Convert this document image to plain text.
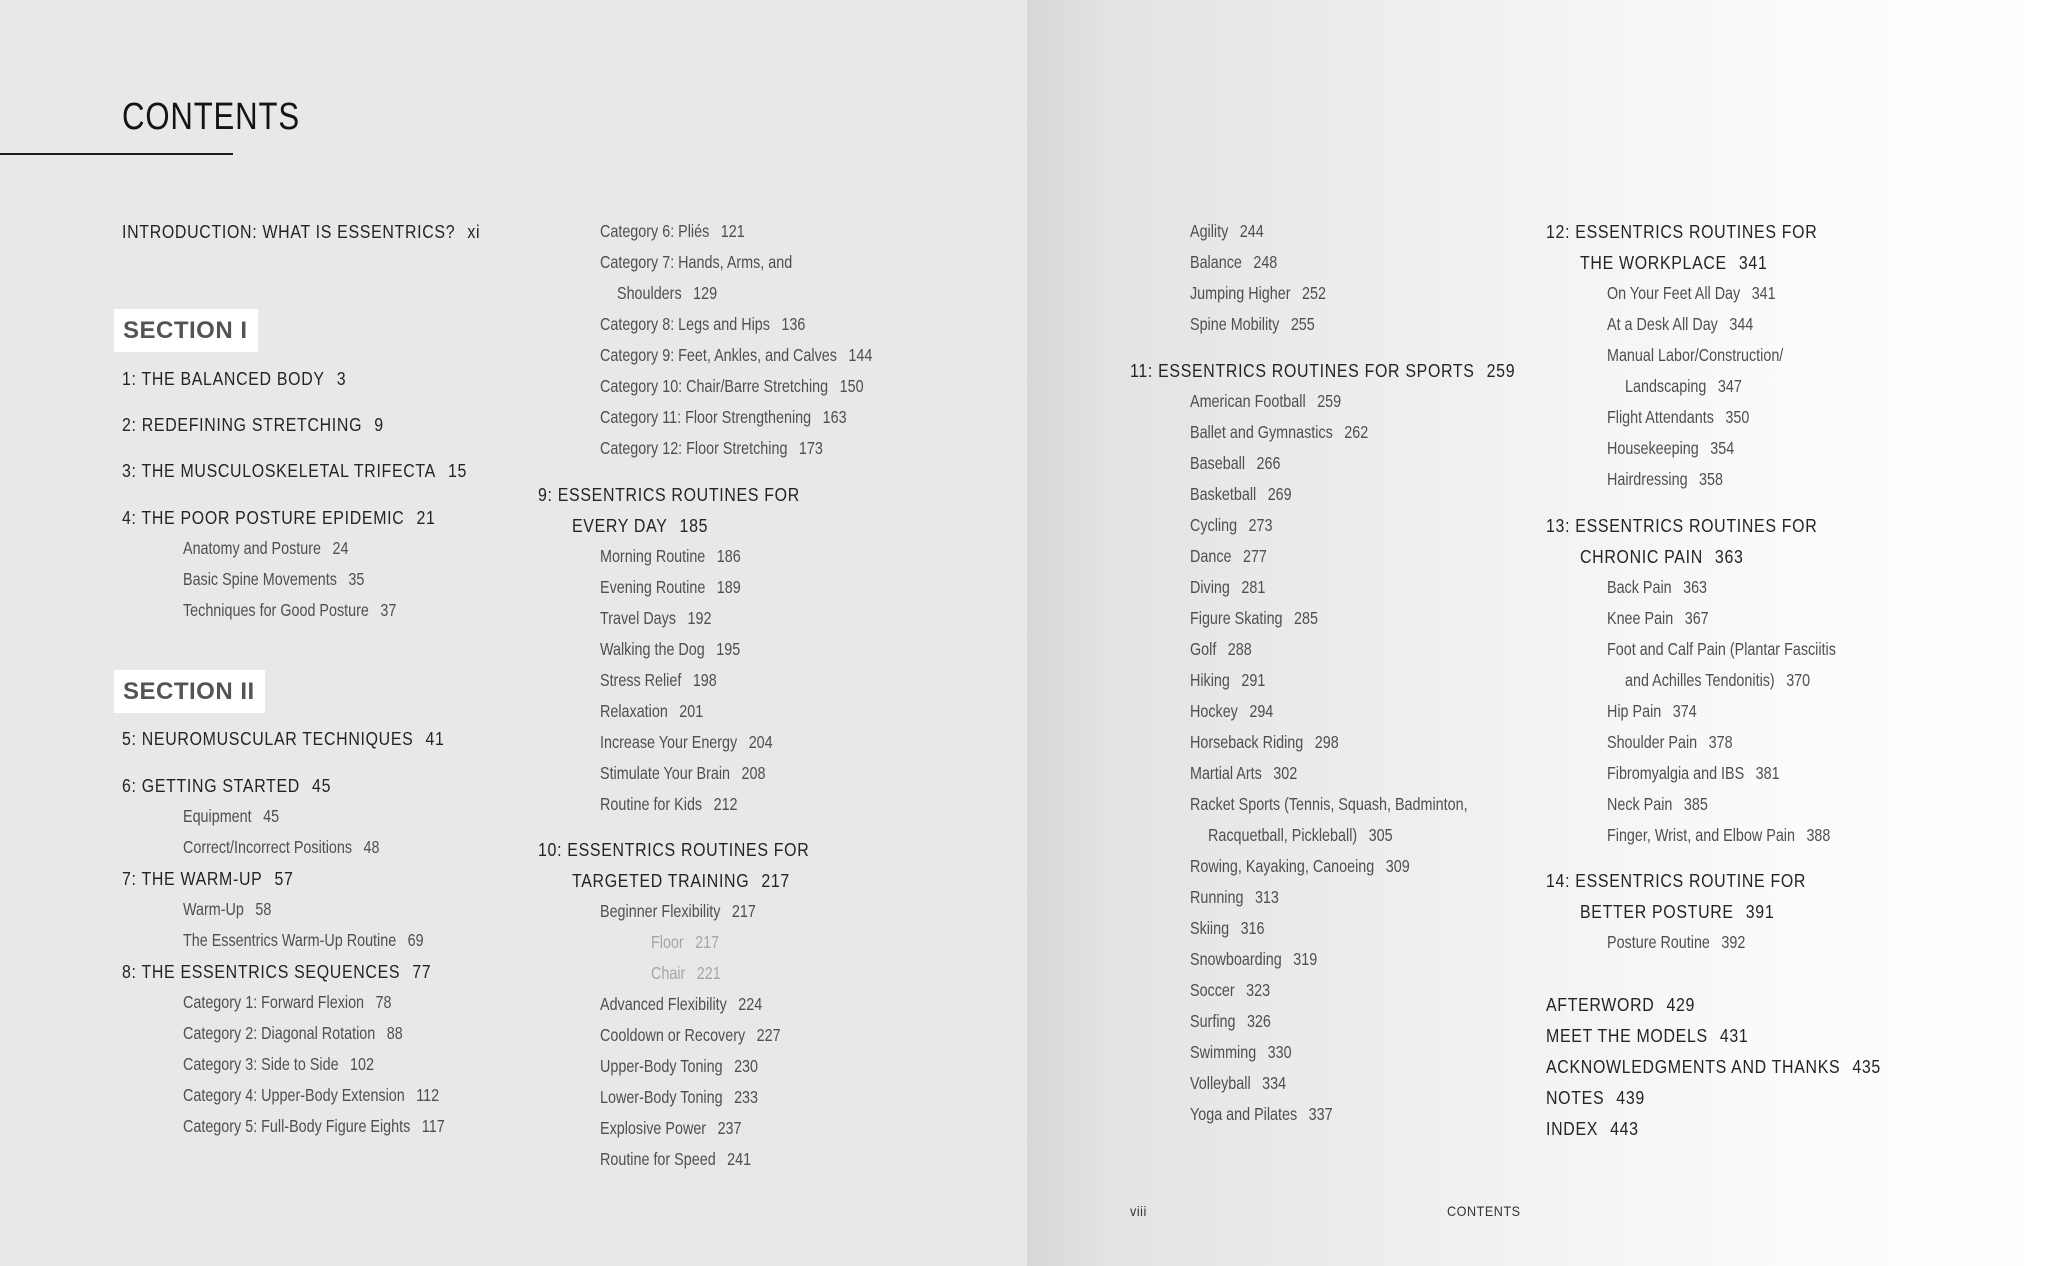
CONTENTS
INTRODUCTION: WHAT IS ESSENTRICS? xi
SECTION I
SECTION II
1: THE BALANCED BODY 3
2: REDEFINING STRETCHING 9
3: THE MUSCULOSKELETAL TRIFECTA 15
4: THE POOR POSTURE EPIDEMIC 21
Anatomy and Posture 24
Basic Spine Movements 35
Techniques for Good Posture 37
5: NEUROMUSCULAR TECHNIQUES 41
6: GETTING STARTED 45
Equipment 45
Correct/Incorrect Positions 48
7: THE WARM-UP 57
Warm-Up 58
The Essentrics Warm-Up Routine 69
8: THE ESSENTRICS SEQUENCES 77
Category 1: Forward Flexion 78
Category 2: Diagonal Rotation 88
Category 3: Side to Side 102
Category 4: Upper-Body Extension 112
Category 5: Full-Body Figure Eights 117
Category 6: Pliés 121
Category 7: Hands, Arms, and
Shoulders 129
Category 8: Legs and Hips 136
Category 9: Feet, Ankles, and Calves 144
Category 10: Chair/Barre Stretching 150
Category 11: Floor Strengthening 163
Category 12: Floor Stretching 173
9: ESSENTRICS ROUTINES FOR
EVERY DAY 185
Morning Routine 186
Evening Routine 189
Travel Days 192
Walking the Dog 195
Stress Relief 198
Relaxation 201
Increase Your Energy 204
Stimulate Your Brain 208
Routine for Kids 212
10: ESSENTRICS ROUTINES FOR
TARGETED TRAINING 217
Beginner Flexibility 217
Floor 217
Chair 221
Advanced Flexibility 224
Cooldown or Recovery 227
Upper-Body Toning 230
Lower-Body Toning 233
Explosive Power 237
Routine for Speed 241
Agility 244
Balance 248
Jumping Higher 252
Spine Mobility 255
11: ESSENTRICS ROUTINES FOR SPORTS 259
American Football 259
Ballet and Gymnastics 262
Baseball 266
Basketball 269
Cycling 273
Dance 277
Diving 281
Figure Skating 285
Golf 288
Hiking 291
Hockey 294
Horseback Riding 298
Martial Arts 302
Racket Sports (Tennis, Squash, Badminton,
Racquetball, Pickleball) 305
Rowing, Kayaking, Canoeing 309
Running 313
Skiing 316
Snowboarding 319
Soccer 323
Surfing 326
Swimming 330
Volleyball 334
Yoga and Pilates 337
12: ESSENTRICS ROUTINES FOR
THE WORKPLACE 341
On Your Feet All Day 341
At a Desk All Day 344
Manual Labor/Construction/
Landscaping 347
Flight Attendants 350
Housekeeping 354
Hairdressing 358
13: ESSENTRICS ROUTINES FOR
CHRONIC PAIN 363
Back Pain 363
Knee Pain 367
Foot and Calf Pain (Plantar Fasciitis
and Achilles Tendonitis) 370
Hip Pain 374
Shoulder Pain 378
Fibromyalgia and IBS 381
Neck Pain 385
Finger, Wrist, and Elbow Pain 388
14: ESSENTRICS ROUTINE FOR
BETTER POSTURE 391
Posture Routine 392
AFTERWORD 429
MEET THE MODELS 431
ACKNOWLEDGMENTS AND THANKS 435
NOTES 439
INDEX 443
viii	CONTENTS
